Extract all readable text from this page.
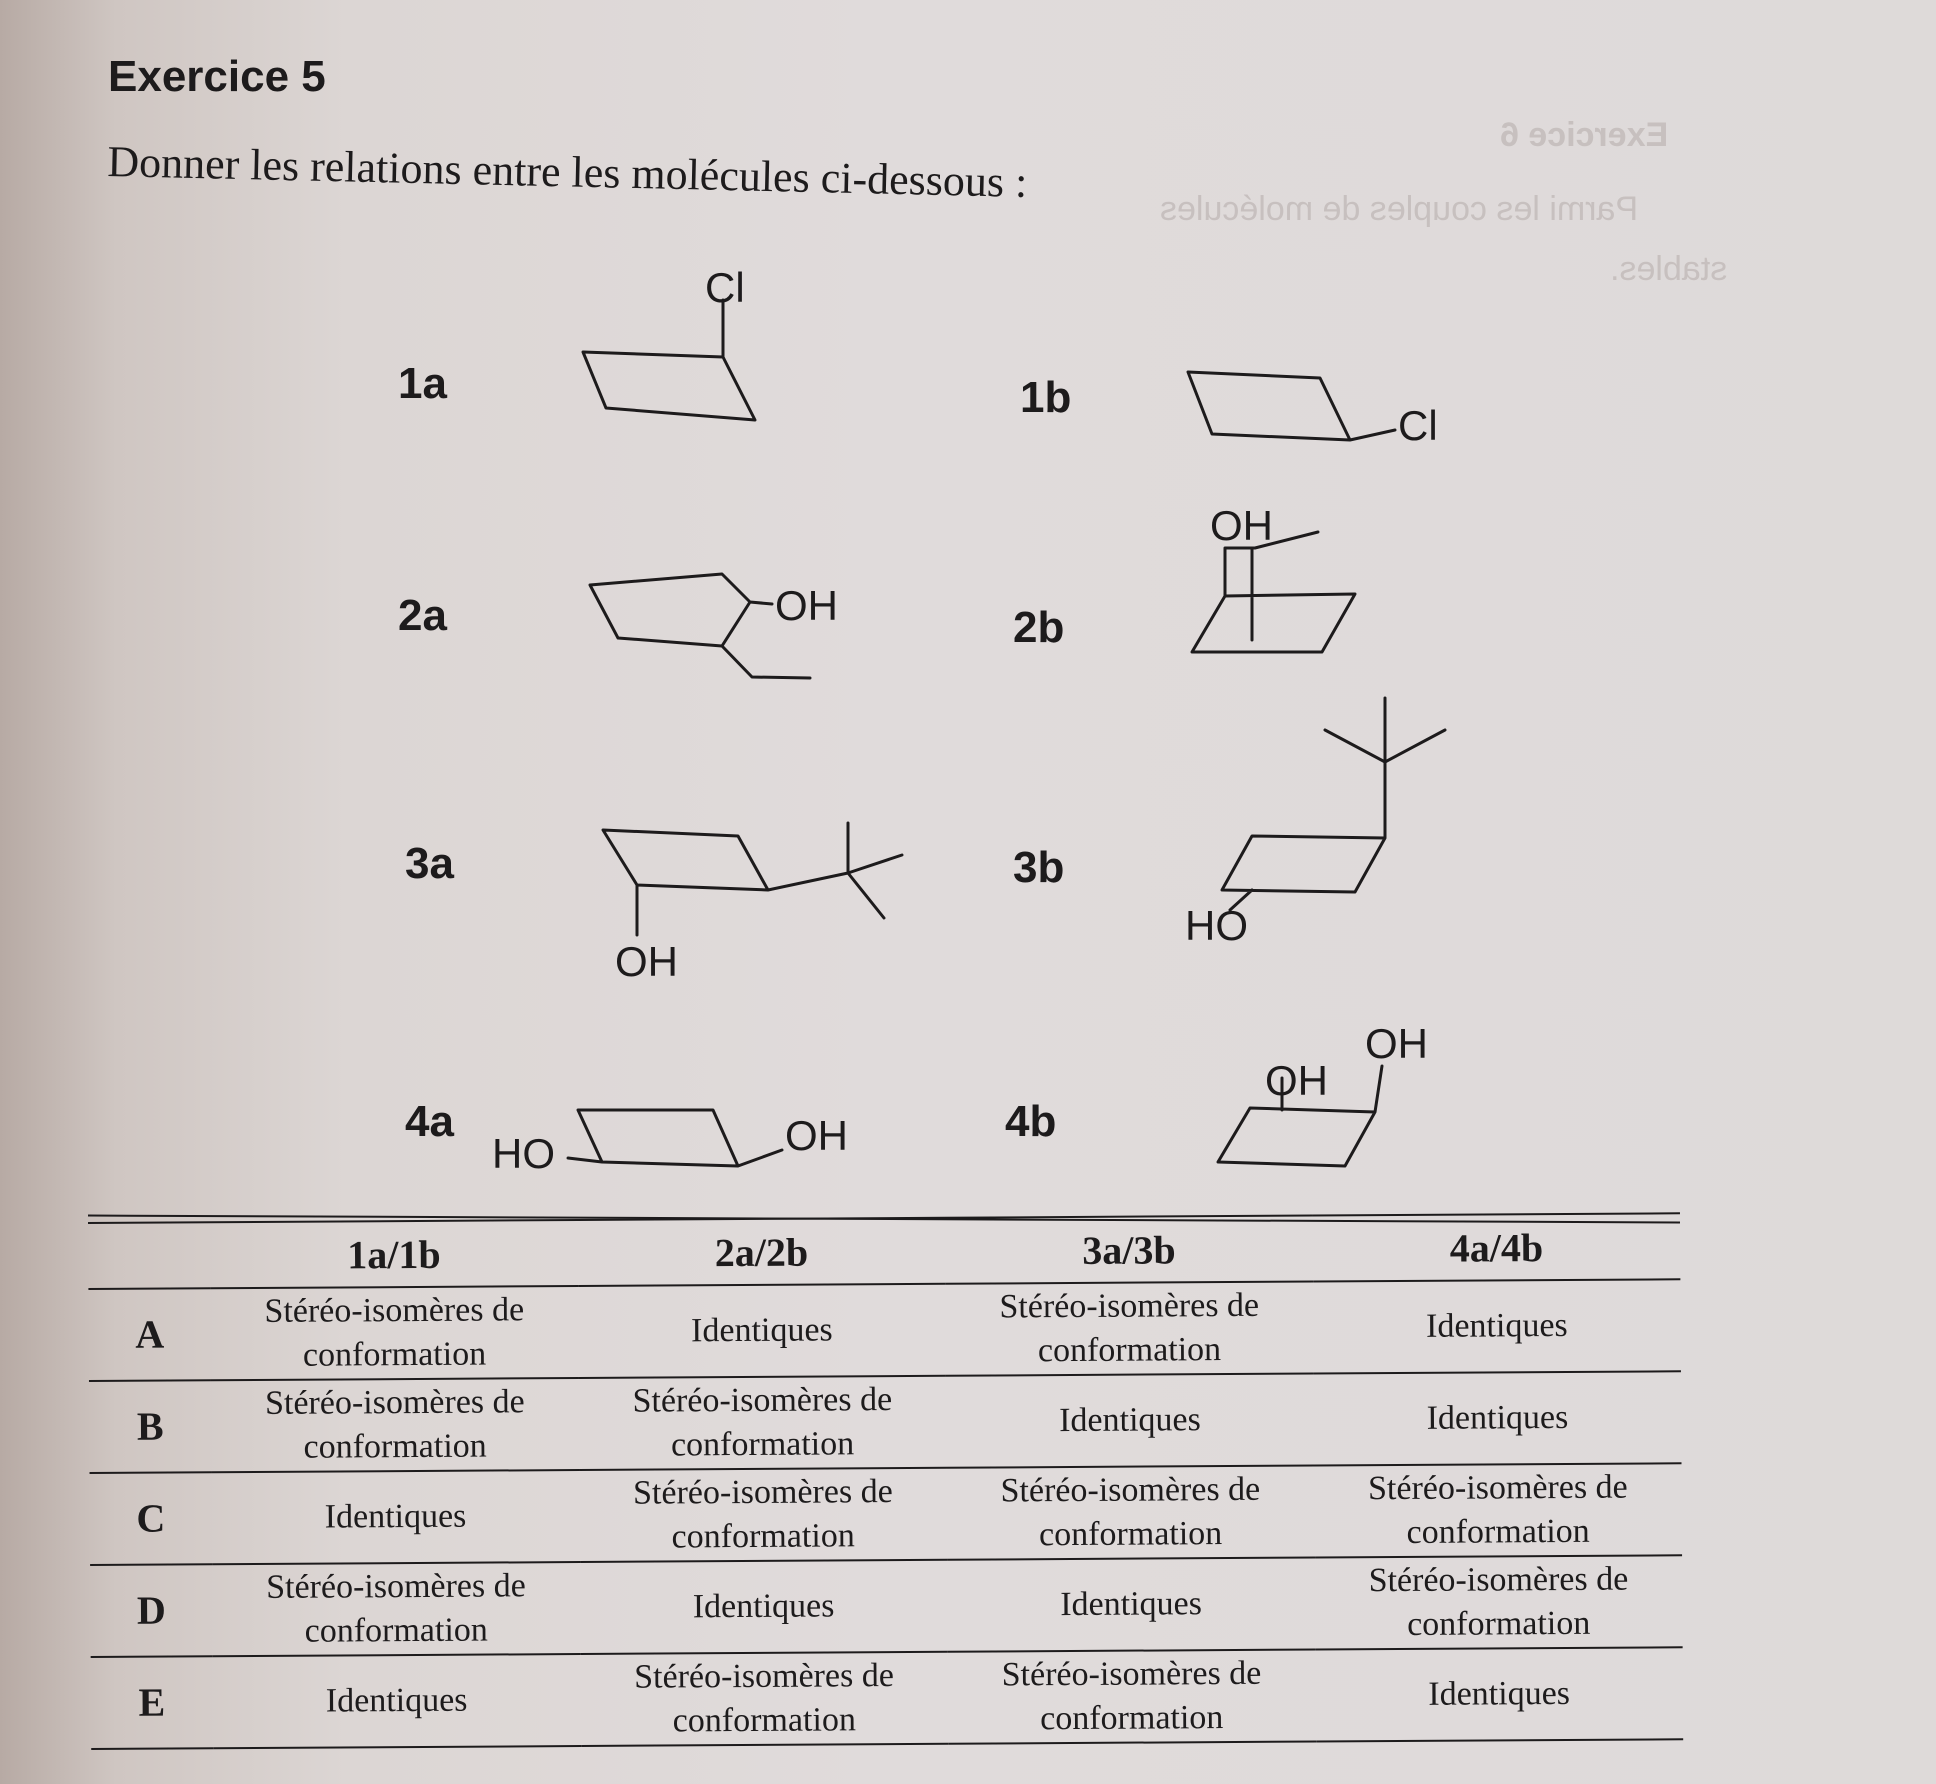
Exercice 6
Parmi les couples de molécules
stables.
Exercice 5
Donner les relations entre les molécules ci-dessous :
1a
Cl
1b
Cl
2a	OH	2b
OH
3a
OH
3b
HO
4a
HO	OH	4b
OH
OH
	1a/1b	2a/2b	3a/3b	4a/4b
A	Stéréo-isomères de conformation	Identiques	Stéréo-isomères de conformation	Identiques
B	Stéréo-isomères de conformation	Stéréo-isomères de conformation	Identiques	Identiques
C	Identiques	Stéréo-isomères de conformation	Stéréo-isomères de conformation	Stéréo-isomères de conformation
D	Stéréo-isomères de conformation	Identiques	Identiques	Stéréo-isomères de conformation
E	Identiques	Stéréo-isomères de conformation	Stéréo-isomères de conformation	Identiques
